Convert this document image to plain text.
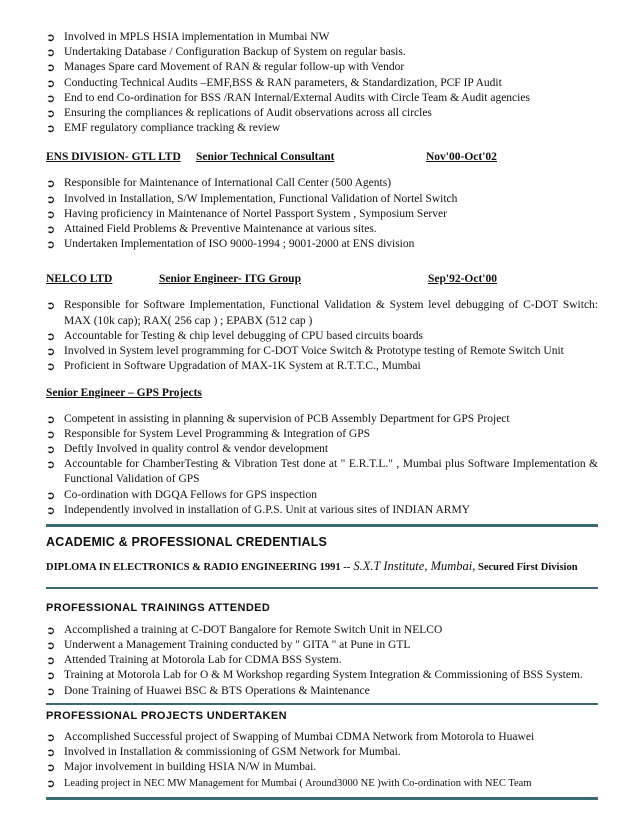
➲ Involved in MPLS HSIA implementation in Mumbai NW
➲ Undertaking Database / Configuration Backup of System on regular basis.
➲ Manages Spare card Movement of RAN & regular follow-up with Vendor
➲ Conducting Technical Audits –EMF,BSS & RAN parameters, & Standardization, PCF IP Audit
➲ End to end Co-ordination for BSS /RAN Internal/External Audits with Circle Team & Audit agencies
➲ Ensuring the compliances & replications of Audit observations across all circles
➲ EMF regulatory compliance tracking & review
ENS DIVISION- GTL LTD Senior Technical Consultant	Nov'00-Oct'02
➲ Responsible for Maintenance of International Call Center (500 Agents)
➲ Involved in Installation, S/W Implementation, Functional Validation of Nortel Switch
➲ Having proficiency in Maintenance of Nortel Passport System , Symposium Server
➲ Attained Field Problems & Preventive Maintenance at various sites.
➲ Undertaken Implementation of ISO 9000-1994 ; 9001-2000 at ENS division
NELCO LTD	Senior Engineer- ITG Group	Sep'92-Oct'00
➲ Responsible for Software Implementation, Functional Validation & System level debugging of C-DOT Switch: MAX (10k cap); RAX( 256 cap ) ; EPABX (512 cap )
➲ Accountable for Testing & chip level debugging of CPU based circuits boards
➲ Involved in System level programming for C-DOT Voice Switch & Prototype testing of Remote Switch Unit
➲ Proficient in Software Upgradation of MAX-1K System at R.T.T.C., Mumbai
Senior Engineer – GPS Projects
➲ Competent in assisting in planning & supervision of PCB Assembly Department for GPS Project
➲ Responsible for System Level Programming & Integration of GPS
➲ Deftly Involved in quality control & vendor development
➲ Accountable for ChamberTesting & Vibration Test done at " E.R.T.L." , Mumbai plus Software Implementation & Functional Validation of GPS
➲ Co-ordination with DGQA Fellows for GPS inspection
➲ Independently involved in installation of G.P.S. Unit at various sites of INDIAN ARMY
ACADEMIC & PROFESSIONAL CREDENTIALS
DIPLOMA IN ELECTRONICS & RADIO ENGINEERING 1991 -- S.X.T Institute, Mumbai, Secured First Division
PROFESSIONAL TRAININGS ATTENDED
➲ Accomplished a training at C-DOT Bangalore for Remote Switch Unit in NELCO
➲ Underwent a Management Training conducted by " GITA " at Pune in GTL
➲ Attended Training at Motorola Lab for CDMA BSS System.
➲ Training at Motorola Lab for O & M Workshop regarding System Integration & Commissioning of BSS System.
➲ Done Training of Huawei BSC & BTS Operations & Maintenance
PROFESSIONAL PROJECTS UNDERTAKEN
➲ Accomplished Successful project of Swapping of Mumbai CDMA Network from Motorola to Huawei
➲ Involved in Installation & commissioning of GSM Network for Mumbai.
➲ Major involvement in building HSIA N/W in Mumbai.
➲ Leading project in NEC MW Management for Mumbai ( Around3000 NE )with Co-ordination with NEC Team
